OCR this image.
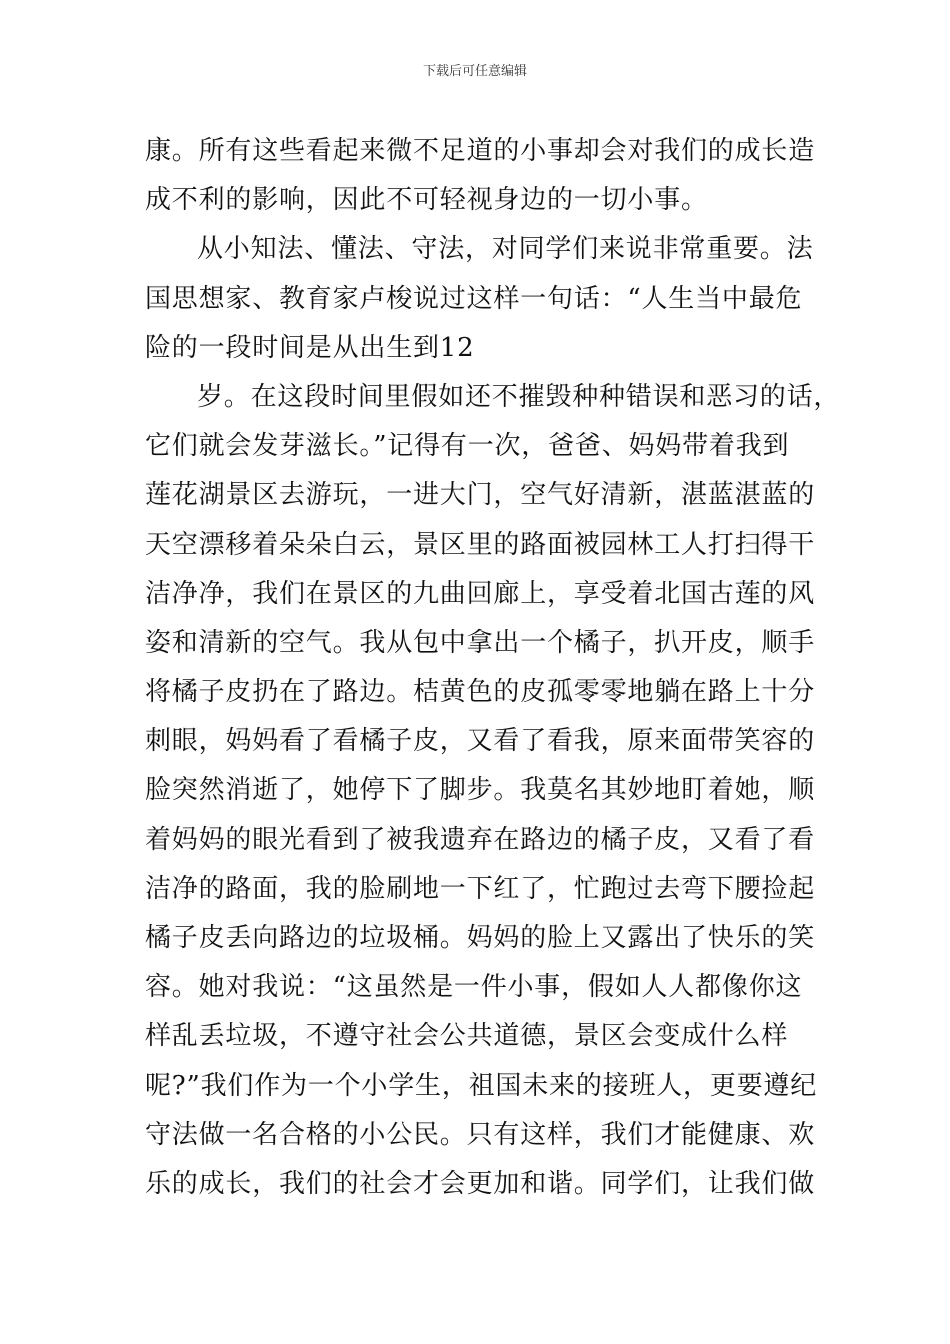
下载后可任意编辑
康。所有这些看起来微不足道的小事却会对我们的成长造
成不利的影响，因此不可轻视身边的一切小事。
从小知法、懂法、守法，对同学们来说非常重要。法
国思想家、教育家卢梭说过这样一句话：“人生当中最危
险的一段时间是从出生到12
岁。在这段时间里假如还不摧毁种种错误和恶习的话，
它们就会发芽滋长。”记得有一次，爸爸、妈妈带着我到
莲花湖景区去游玩，一进大门，空气好清新，湛蓝湛蓝的
天空漂移着朵朵白云，景区里的路面被园林工人打扫得干
洁净净，我们在景区的九曲回廊上，享受着北国古莲的风
姿和清新的空气。我从包中拿出一个橘子，扒开皮，顺手
将橘子皮扔在了路边。桔黄色的皮孤零零地躺在路上十分
刺眼，妈妈看了看橘子皮，又看了看我，原来面带笑容的
脸突然消逝了，她停下了脚步。我莫名其妙地盯着她，顺
着妈妈的眼光看到了被我遗弃在路边的橘子皮，又看了看
洁净的路面，我的脸刷地一下红了，忙跑过去弯下腰捡起
橘子皮丢向路边的垃圾桶。妈妈的脸上又露出了快乐的笑
容。她对我说：“这虽然是一件小事，假如人人都像你这
样乱丢垃圾，不遵守社会公共道德，景区会变成什么样
呢?”我们作为一个小学生，祖国未来的接班人，更要遵纪
守法做一名合格的小公民。只有这样，我们才能健康、欢
乐的成长，我们的社会才会更加和谐。同学们，让我们做
